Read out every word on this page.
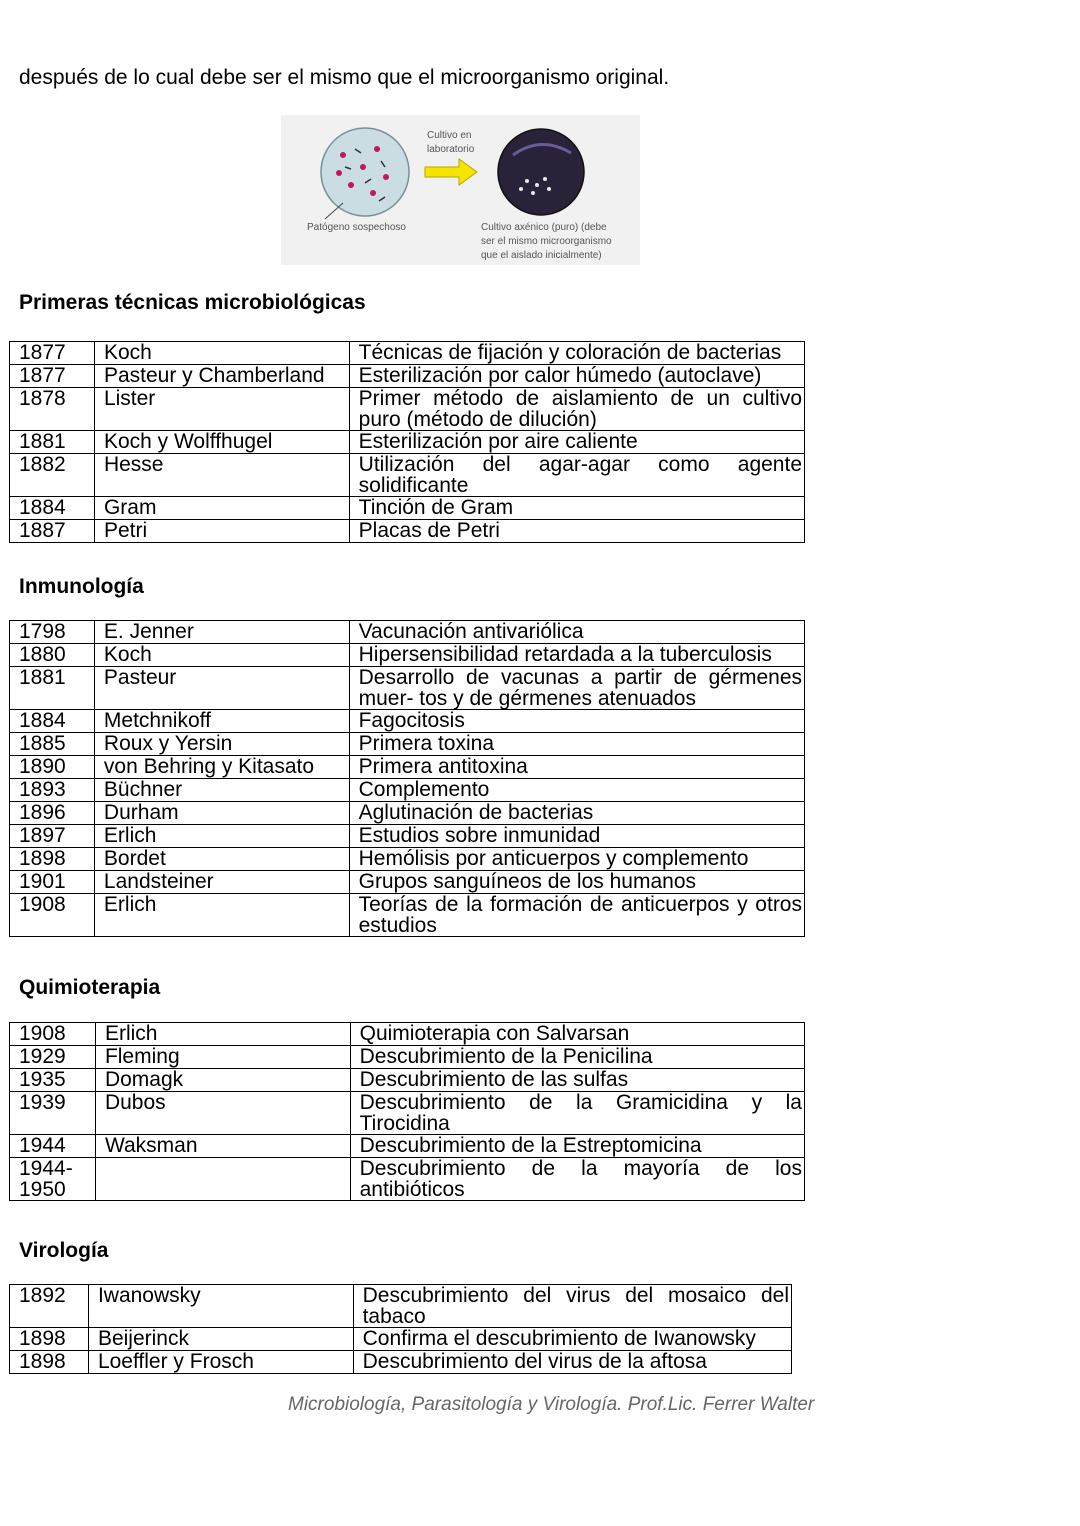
después de lo cual debe ser el mismo que el microorganismo original.
Cultivo en
laboratorio
Patógeno sospechoso	Cultivo axénico (puro) (debe
ser el mismo microorganismo
que el aislado inicialmente)
Primeras técnicas microbiológicas
1877	Koch	Técnicas de fijación y coloración de bacterias
1877	Pasteur y Chamberland	Esterilización por calor húmedo (autoclave)
1878	Lister	Primer método de aislamiento de un cultivo puro (método de dilución)
1881	Koch y Wolffhugel	Esterilización por aire caliente
1882	Hesse	Utilización del agar-agar como agente solidificante
1884	Gram	Tinción de Gram
1887	Petri	Placas de Petri
Inmunología
1798	E. Jenner	Vacunación antivariólica
1880	Koch	Hipersensibilidad retardada a la tuberculosis
1881	Pasteur	Desarrollo de vacunas a partir de gérmenes muer- tos y de gérmenes atenuados
1884	Metchnikoff	Fagocitosis
1885	Roux y Yersin	Primera toxina
1890	von Behring y Kitasato	Primera antitoxina
1893	Büchner	Complemento
1896	Durham	Aglutinación de bacterias
1897	Erlich	Estudios sobre inmunidad
1898	Bordet	Hemólisis por anticuerpos y complemento
1901	Landsteiner	Grupos sanguíneos de los humanos
1908	Erlich	Teorías de la formación de anticuerpos y otros estudios
Quimioterapia
1908	Erlich	Quimioterapia con Salvarsan
1929	Fleming	Descubrimiento de la Penicilina
1935	Domagk	Descubrimiento de las sulfas
1939	Dubos	Descubrimiento de la Gramicidina y la Tirocidina
1944	Waksman	Descubrimiento de la Estreptomicina
1944- 1950		Descubrimiento de la mayoría de los antibióticos
Virología
1892	Iwanowsky	Descubrimiento del virus del mosaico del tabaco
1898	Beijerinck	Confirma el descubrimiento de Iwanowsky
1898	Loeffler y Frosch	Descubrimiento del virus de la aftosa
Microbiología, Parasitología y Virología. Prof.Lic. Ferrer Walter
